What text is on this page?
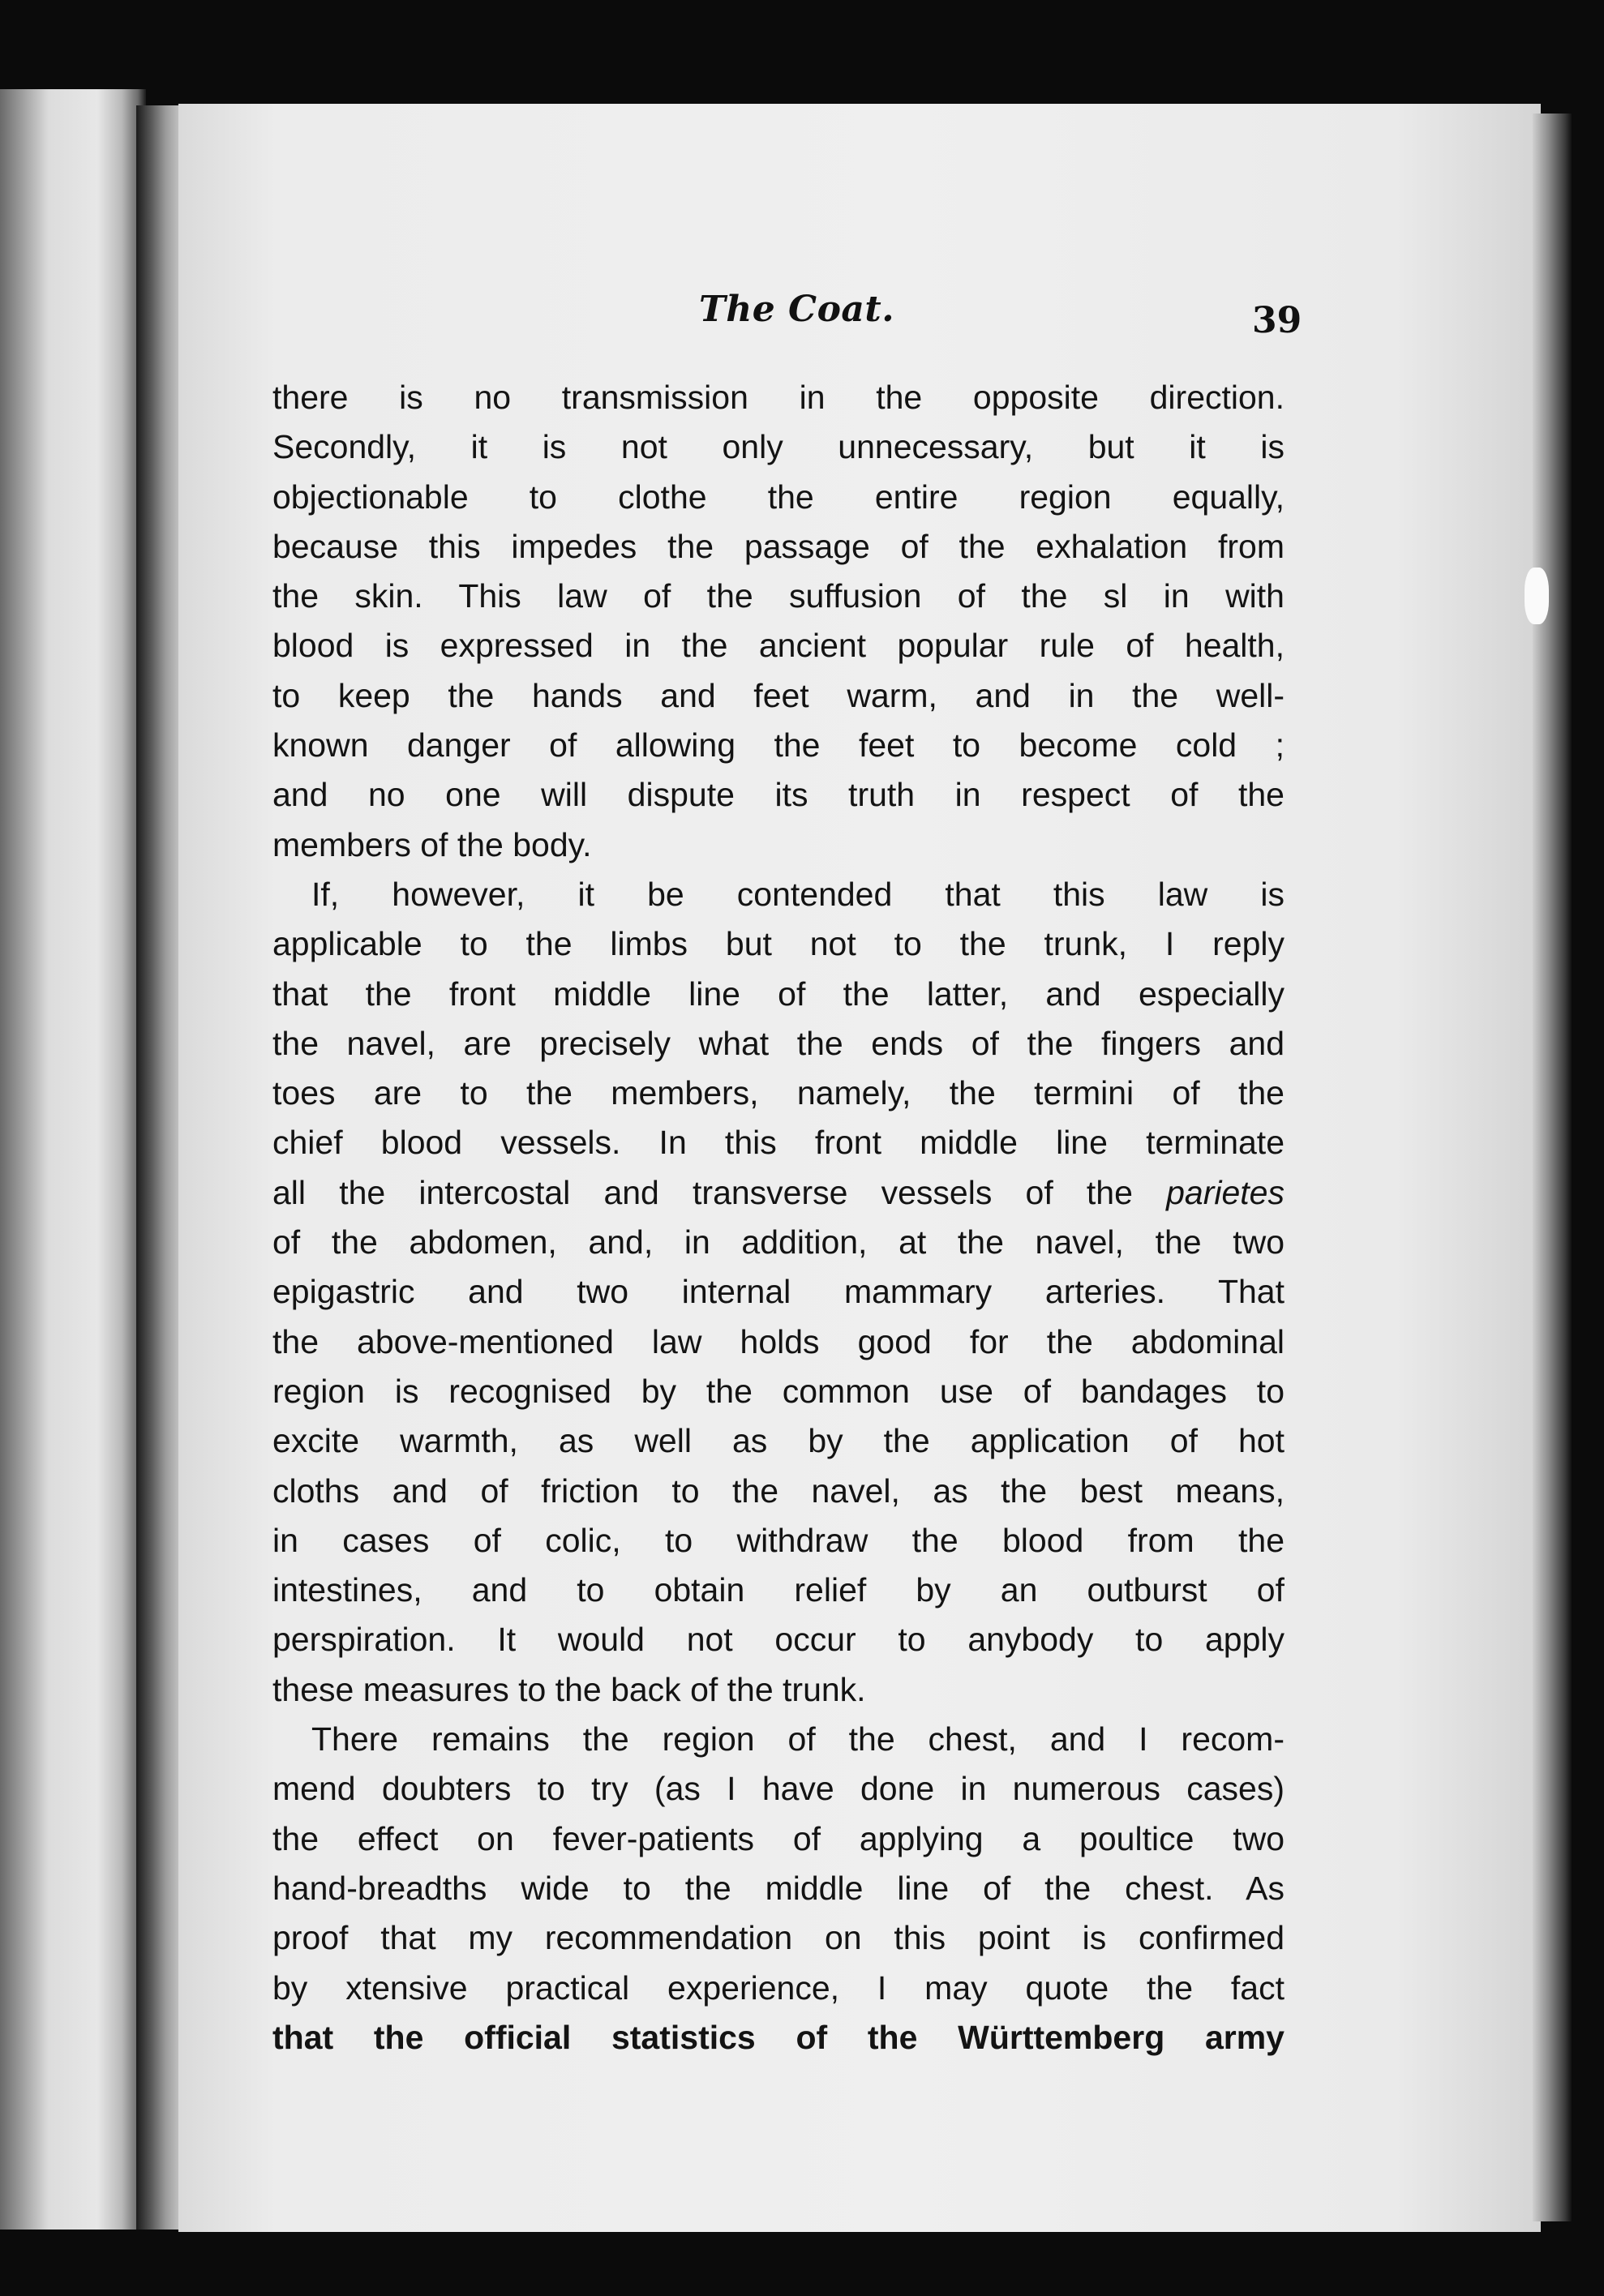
The Coat.	39
there is no transmission in the opposite direction.
Secondly, it is not only unnecessary, but it is
objectionable to clothe the entire region equally,
because this impedes the passage of the exhalation from
the skin. This law of the suffusion of the sl in with
blood is expressed in the ancient popular rule of health,
to keep the hands and feet warm, and in the well-
known danger of allowing the feet to become cold ;
and no one will dispute its truth in respect of the
members of the body.
If, however, it be contended that this law is
applicable to the limbs but not to the trunk, I reply
that the front middle line of the latter, and especially
the navel, are precisely what the ends of the fingers and
toes are to the members, namely, the termini of the
chief blood vessels. In this front middle line terminate
all the intercostal and transverse vessels of the parietes
of the abdomen, and, in addition, at the navel, the two
epigastric and two internal mammary arteries. That
the above-mentioned law holds good for the abdominal
region is recognised by the common use of bandages to
excite warmth, as well as by the application of hot
cloths and of friction to the navel, as the best means,
in cases of colic, to withdraw the blood from the
intestines, and to obtain relief by an outburst of
perspiration. It would not occur to anybody to apply
these measures to the back of the trunk.
There remains the region of the chest, and I recom-
mend doubters to try (as I have done in numerous cases)
the effect on fever-patients of applying a poultice two
hand-breadths wide to the middle line of the chest. As
proof that my recommendation on this point is confirmed
by xtensive practical experience, I may quote the fact
that the official statistics of the Württemberg army
